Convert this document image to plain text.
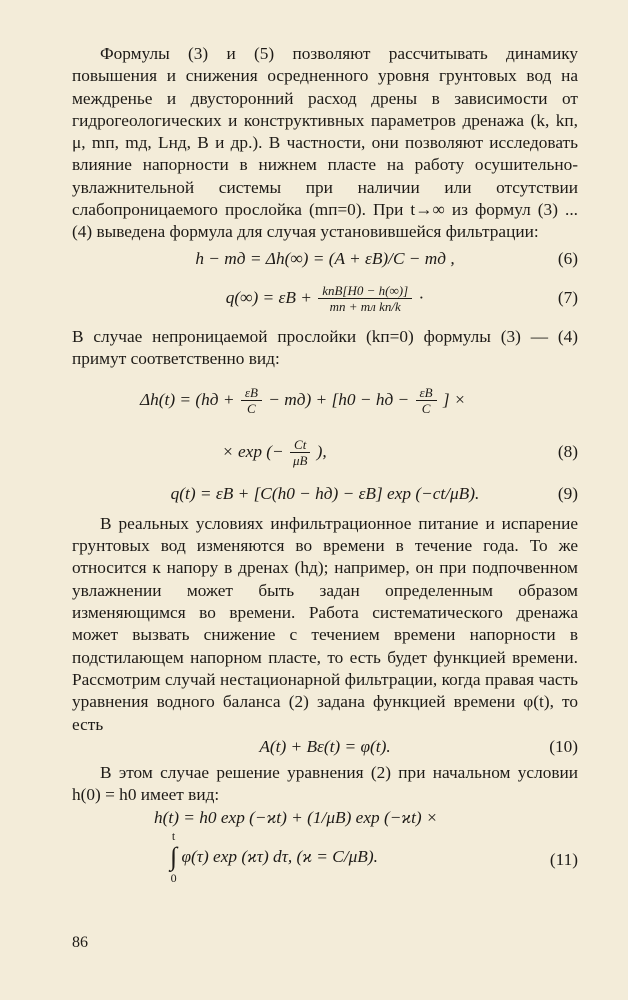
Формулы (3) и (5) позволяют рассчитывать динамику повышения и снижения осредненного уровня грунтовых вод на междренье и двусторонний расход дрены в зависимости от гидрогеологических и конструктивных параметров дренажа (k, kп, μ, mп, mд, Lнд, B и др.). В частности, они позволяют исследовать влияние напорности в нижнем пласте на работу осушительно-увлажнительной системы при наличии или отсутствии слабопроницаемого прослойка (mп=0). При t→∞ из формул (3) ... (4) выведена формула для случая установившейся фильтрации:

h − mд = Δh(∞) = (A + εB)/C − mд ,	(6)
$q(\infty) = \varepsilon B + \frac{\text{kпB[H0 − h(∞)]}}{\text{mп + mл kп/k}}$ ·	(7)

В случае непроницаемой прослойки (kп=0) формулы (3) — (4) примут соответственно вид:

$\Delta h(t) = (hд + \frac{\varepsilon B}{C} - mд) + [h0$ − hд − $\frac{\varepsilon B}{C}$ ] ×
× exp (− $\frac{Ct}{\mu B}$ ),	(8)
q(t) = εB + [C(h0 − hд) − εB] exp (−ct/μB).	(9)

В реальных условиях инфильтрационное питание и испарение грунтовых вод изменяются во времени в течение года. То же относится к напору в дренах (hд); например, он при подпочвенном увлажнении может быть задан определенным образом изменяющимся во времени. Работа систематического дренажа может вызвать снижение с течением времени напорности в подстилающем напорном пласте, то есть будет функцией времени. Рассмотрим случай нестационарной фильтрации, когда правая часть уравнения водного баланса (2) задана функцией времени φ(t), то есть

A(t) + Bε(t) = φ(t).	(10)

В этом случае решение уравнения (2) при начальном условии h(0) = h0 имеет вид:

h(t) = h0 exp (−ϰt) + (1/μB) exp (−ϰt) ×
t
∫
0
φ(τ) exp (ϰτ) dτ, (ϰ = C/μB).	(11)
86
